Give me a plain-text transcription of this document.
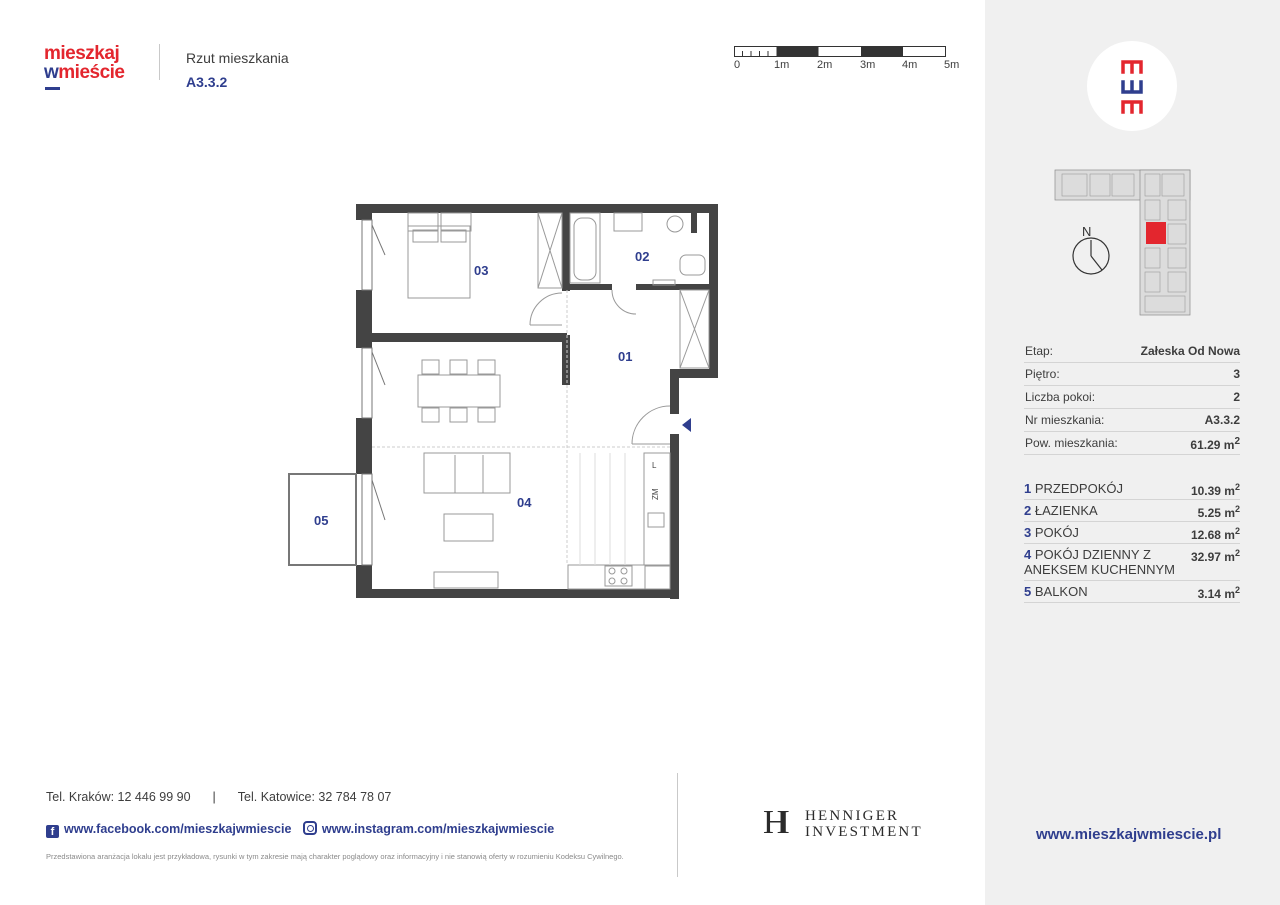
mieszkaj
wmieście
Rzut mieszkania
A3.3.2
0	1m	2m	3m 4m 5m
L
ZM
01
02
03
04
05
N
Etap:	Załeska Od Nowa
Piętro:	3
Liczba pokoi:	2
Nr mieszkania:	A3.3.2
Pow. mieszkania:	61.29 $m^2$
1 PRZEDPOKÓJ	10.39 $m^2$
2 ŁAZIENKA	5.25 $m^2$
3 POKÓJ	12.68 $m^2$
4 POKÓJ DZIENNY Z ANEKSEM KUCHENNYM
32.97 $m^2$
5 BALKON	3.14 $m^2$
Tel. Kraków: 12 446 99 90 | Tel. Katowice: 32 784 78 07
f www.facebook.com/mieszkajwmiescie www.instagram.com/mieszkajwmiescie
Przedstawiona aranżacja lokalu jest przykładowa, rysunki w tym zakresie mają charakter poglądowy oraz informacyjny i nie stanowią oferty w rozumieniu Kodeksu Cywilnego.
HI HENNIGER
INVESTMENT	www.mieszkajwmiescie.pl
